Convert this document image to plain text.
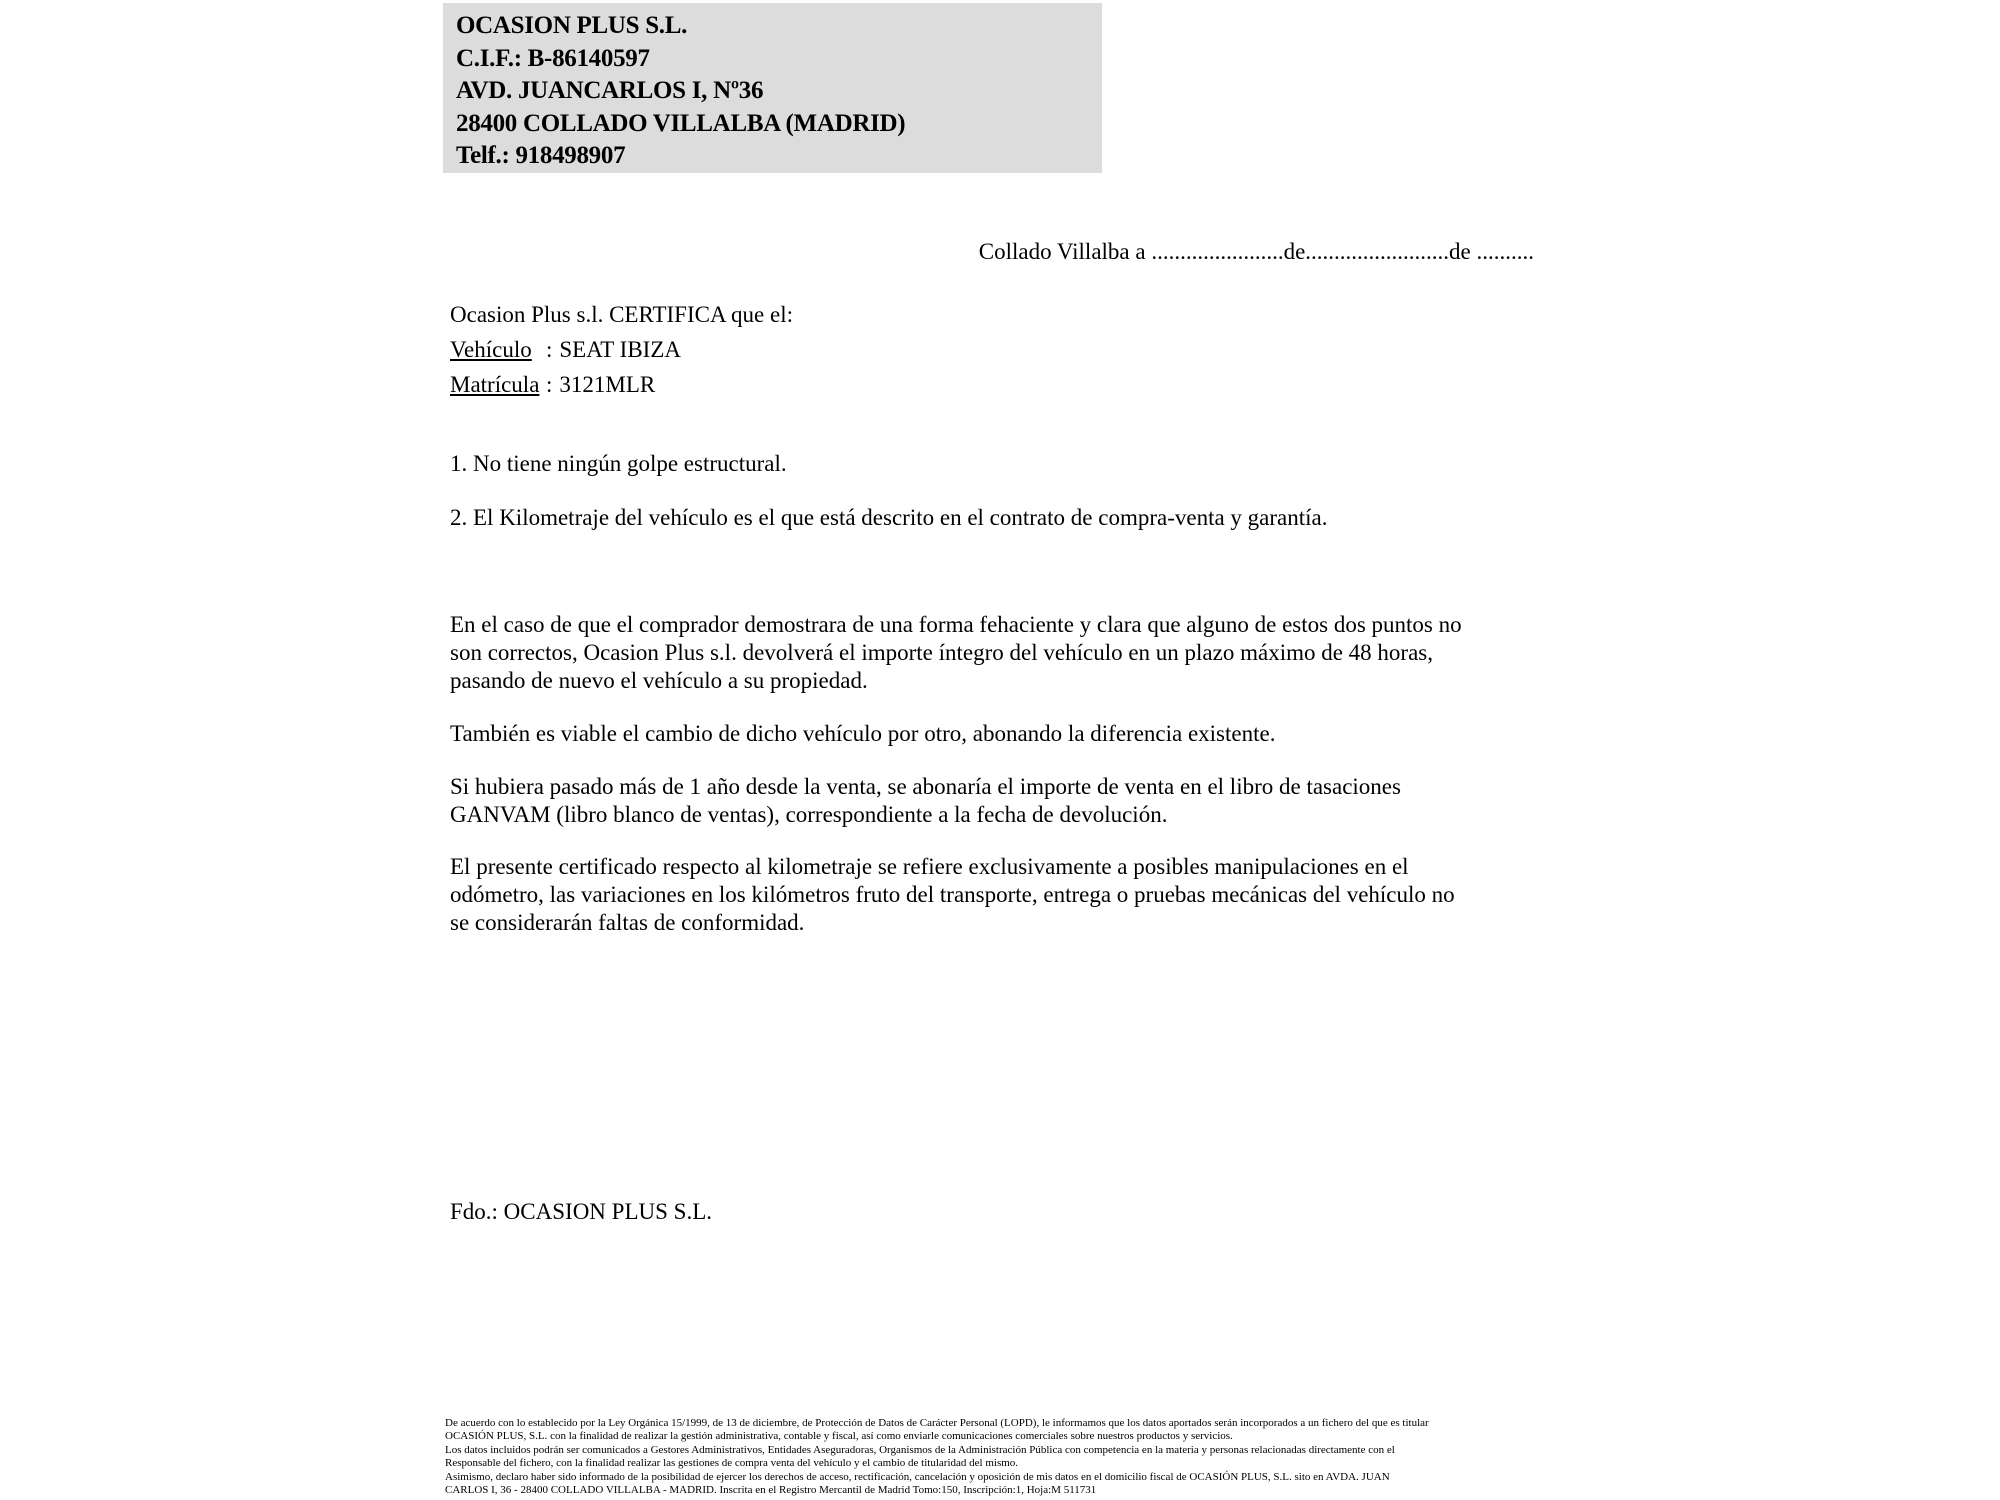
OCASION PLUS S.L.
C.I.F.: B-86140597
AVD. JUANCARLOS I, Nº36
28400 COLLADO VILLALBA (MADRID)
Telf.: 918498907
Collado Villalba a .......................de.........................de ..........
Ocasion Plus s.l. CERTIFICA que el:
Vehículo : SEAT IBIZA
Matrícula : 3121MLR
1. No tiene ningún golpe estructural.
2. El Kilometraje del vehículo es el que está descrito en el contrato de compra-venta y garantía.
En el caso de que el comprador demostrara de una forma fehaciente y clara que alguno de estos dos puntos no
son correctos, Ocasion Plus s.l. devolverá el importe íntegro del vehículo en un plazo máximo de 48 horas,
pasando de nuevo el vehículo a su propiedad.
También es viable el cambio de dicho vehículo por otro, abonando la diferencia existente.
Si hubiera pasado más de 1 año desde la venta, se abonaría el importe de venta en el libro de tasaciones
GANVAM (libro blanco de ventas), correspondiente a la fecha de devolución.
El presente certificado respecto al kilometraje se refiere exclusivamente a posibles manipulaciones en el
odómetro, las variaciones en los kilómetros fruto del transporte, entrega o pruebas mecánicas del vehículo no
se considerarán faltas de conformidad.
Fdo.: OCASION PLUS S.L.
De acuerdo con lo establecido por la Ley Orgánica 15/1999, de 13 de diciembre, de Protección de Datos de Carácter Personal (LOPD), le informamos que los datos aportados serán incorporados a un fichero del que es titular
OCASIÓN PLUS, S.L. con la finalidad de realizar la gestión administrativa, contable y fiscal, así como enviarle comunicaciones comerciales sobre nuestros productos y servicios.
Los datos incluidos podrán ser comunicados a Gestores Administrativos, Entidades Aseguradoras, Organismos de la Administración Pública con competencia en la materia y personas relacionadas directamente con el
Responsable del fichero, con la finalidad realizar las gestiones de compra venta del vehículo y el cambio de titularidad del mismo.
Asimismo, declaro haber sido informado de la posibilidad de ejercer los derechos de acceso, rectificación, cancelación y oposición de mis datos en el domicilio fiscal de OCASIÓN PLUS, S.L. sito en AVDA. JUAN
CARLOS I, 36 - 28400 COLLADO VILLALBA - MADRID. Inscrita en el Registro Mercantil de Madrid Tomo:150, Inscripción:1, Hoja:M 511731
